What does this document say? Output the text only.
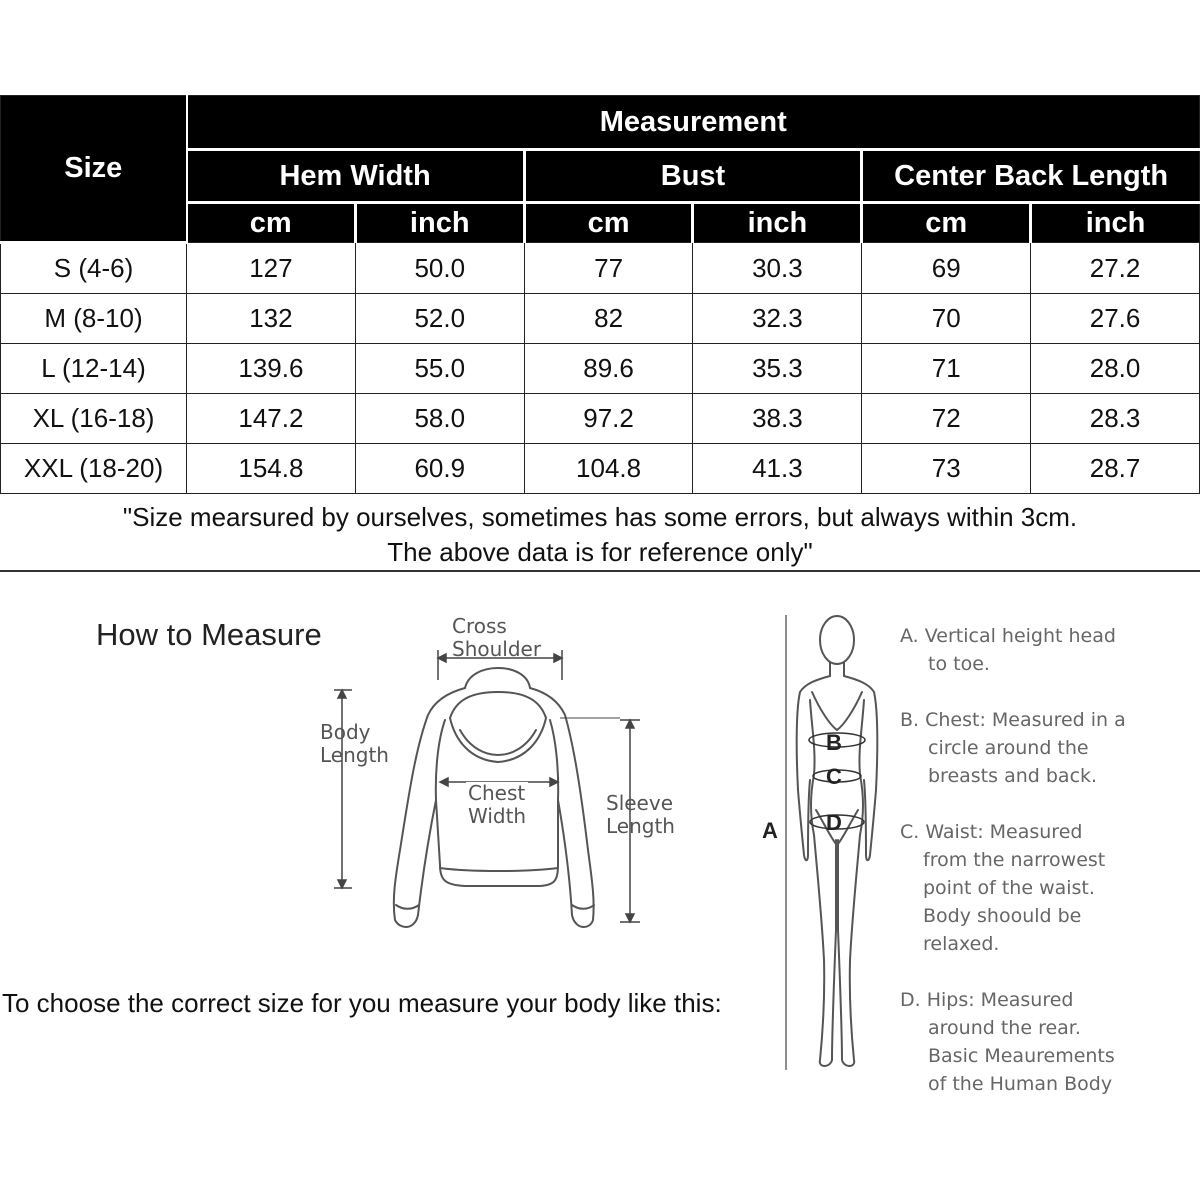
Size	Measurement					
	Hem Width		Bust		Center Back Length	
	cm	inch	cm	inch	cm	inch
S (4-6)	127	50.0	77	30.3	69	27.2
M (8-10)	132	52.0	82	32.3	70	27.6
L (12-14)	139.6	55.0	89.6	35.3	71	28.0
XL (16-18)	147.2	58.0	97.2	38.3	72	28.3
XXL (18-20)	154.8	60.9	104.8	41.3	73	28.7
"Size mearsured by ourselves, sometimes has some errors, but always within 3cm.
The above data is for reference only"
How to Measure	Cross
Shoulder
Body
Length
Chest
Width
Sleeve
Length
To choose the correct size for you measure your body like this:
B
C
D
A
A. Vertical height head
to toe.
B. Chest: Measured in a
circle around the
breasts and back.
C. Waist: Measured
from the narrowest
point of the waist.
Body shoould be
relaxed.
D. Hips: Measured
around the rear.
Basic Meaurements
of the Human Body
